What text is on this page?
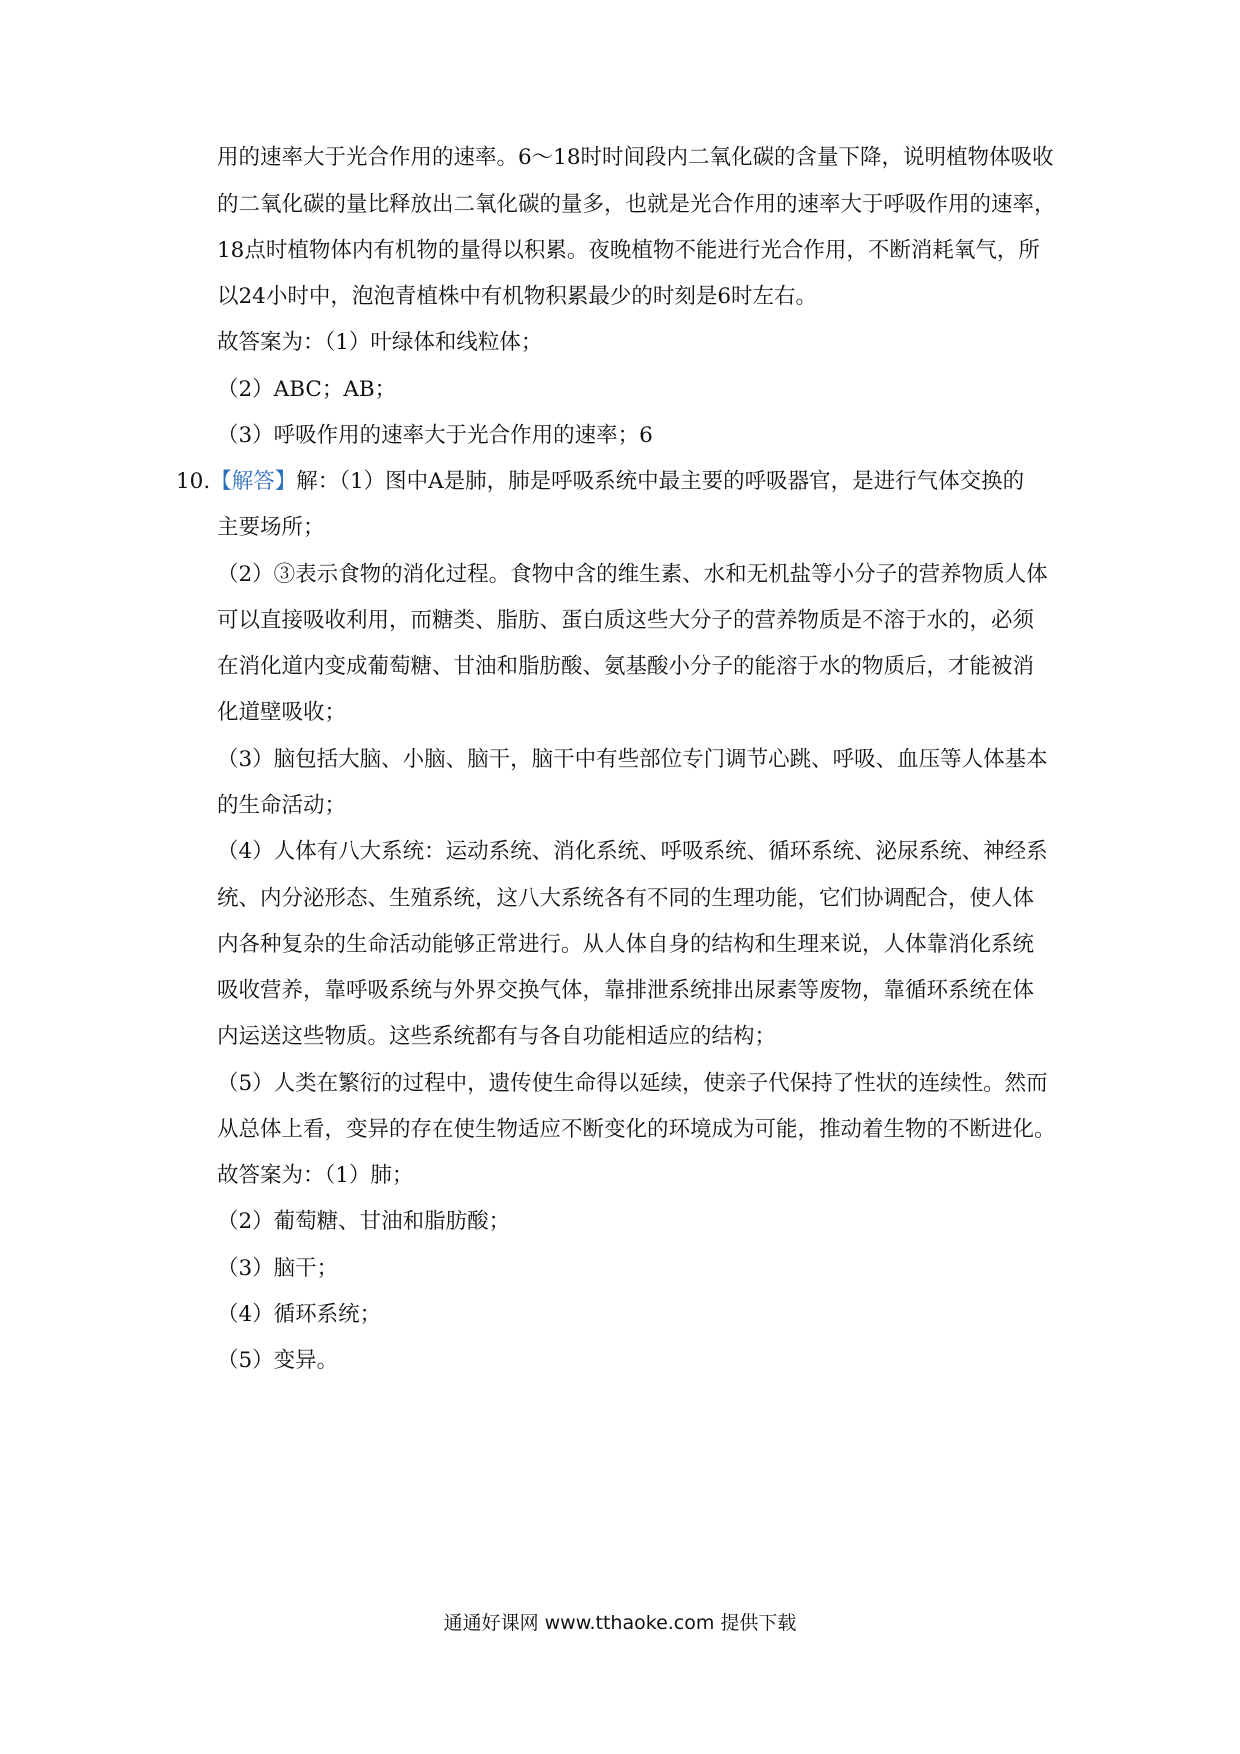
用的速率大于光合作用的速率。6～18时时间段内二氧化碳的含量下降，说明植物体吸收
的二氧化碳的量比释放出二氧化碳的量多，也就是光合作用的速率大于呼吸作用的速率，
18点时植物体内有机物的量得以积累。夜晚植物不能进行光合作用，不断消耗氧气，所
以24小时中，泡泡青植株中有机物积累最少的时刻是6时左右。
故答案为：（1）叶绿体和线粒体；
（2）ABC；AB；
（3）呼吸作用的速率大于光合作用的速率；6
10.【解答】解：（1）图中A是肺，肺是呼吸系统中最主要的呼吸器官，是进行气体交换的
主要场所；
（2）③表示食物的消化过程。食物中含的维生素、水和无机盐等小分子的营养物质人体
可以直接吸收利用，而糖类、脂肪、蛋白质这些大分子的营养物质是不溶于水的，必须
在消化道内变成葡萄糖、甘油和脂肪酸、氨基酸小分子的能溶于水的物质后，才能被消
化道壁吸收；
（3）脑包括大脑、小脑、脑干，脑干中有些部位专门调节心跳、呼吸、血压等人体基本
的生命活动；
（4）人体有八大系统：运动系统、消化系统、呼吸系统、循环系统、泌尿系统、神经系
统、内分泌形态、生殖系统，这八大系统各有不同的生理功能，它们协调配合，使人体
内各种复杂的生命活动能够正常进行。从人体自身的结构和生理来说，人体靠消化系统
吸收营养，靠呼吸系统与外界交换气体，靠排泄系统排出尿素等废物，靠循环系统在体
内运送这些物质。这些系统都有与各自功能相适应的结构；
（5）人类在繁衍的过程中，遗传使生命得以延续，使亲子代保持了性状的连续性。然而
从总体上看，变异的存在使生物适应不断变化的环境成为可能，推动着生物的不断进化。
故答案为：（1）肺；
（2）葡萄糖、甘油和脂肪酸；
（3）脑干；
（4）循环系统；
（5）变异。
通通好课网 www.tthaoke.com 提供下载
